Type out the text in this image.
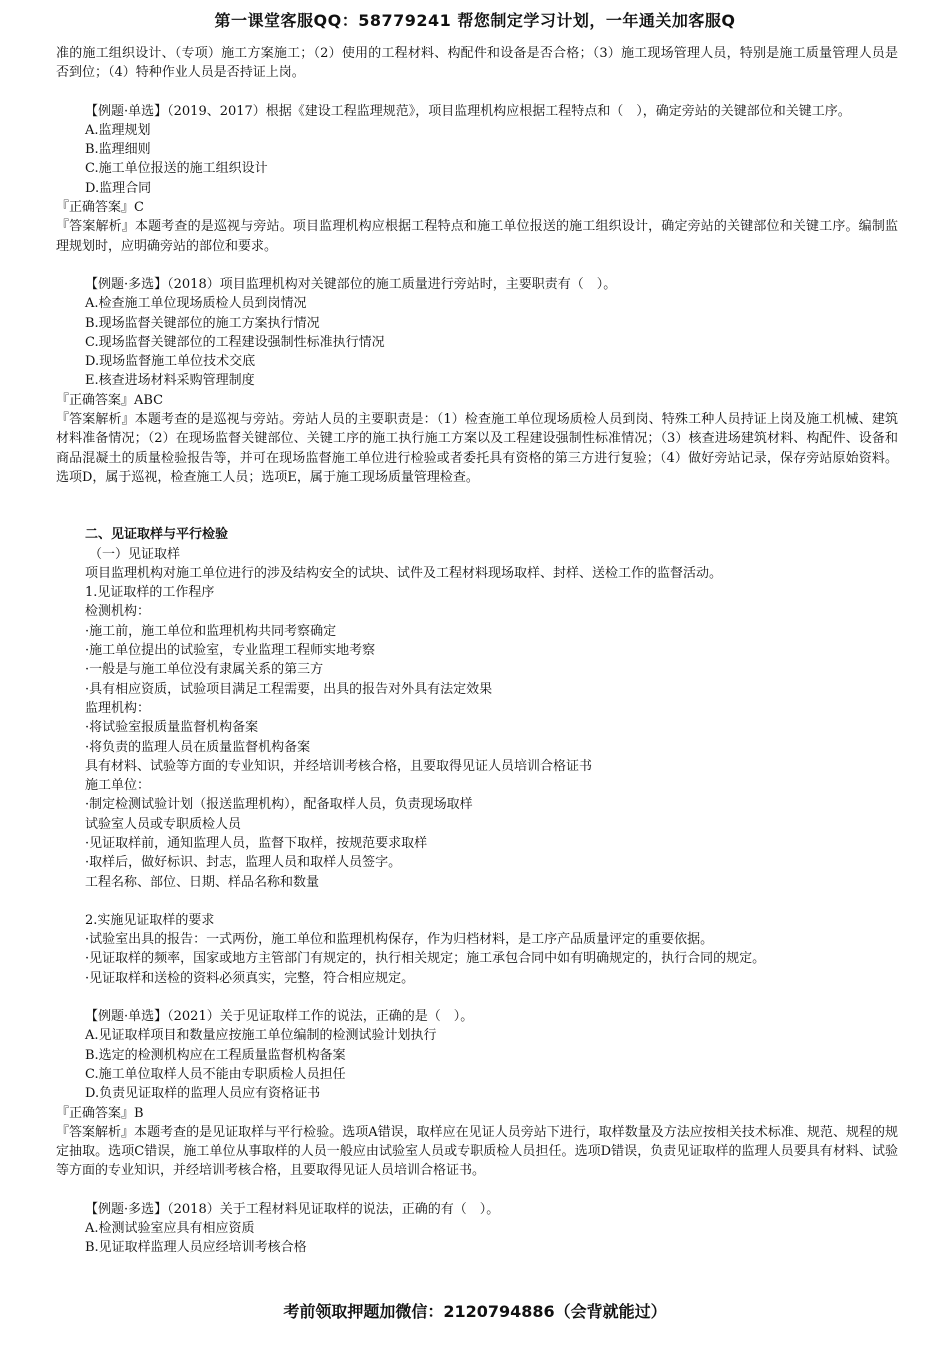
第一课堂客服QQ：58779241 帮您制定学习计划，一年通关加客服Q

准的施工组织设计、（专项）施工方案施工；（2）使用的工程材料、构配件和设备是否合格；（3）施工现场管理人员，特别是施工质量管理人员是否到位；（4）特种作业人员是否持证上岗。

【例题·单选】（2019、2017）根据《建设工程监理规范》，项目监理机构应根据工程特点和（　），确定旁站的关键部位和关键工序。

A.监理规划

B.监理细则

C.施工单位报送的施工组织设计

D.监理合同

『正确答案』C

『答案解析』本题考查的是巡视与旁站。项目监理机构应根据工程特点和施工单位报送的施工组织设计，确定旁站的关键部位和关键工序。编制监理规划时，应明确旁站的部位和要求。

【例题·多选】（2018）项目监理机构对关键部位的施工质量进行旁站时，主要职责有（　）。

A.检查施工单位现场质检人员到岗情况

B.现场监督关键部位的施工方案执行情况

C.现场监督关键部位的工程建设强制性标准执行情况

D.现场监督施工单位技术交底

E.核查进场材料采购管理制度

『正确答案』ABC

『答案解析』本题考查的是巡视与旁站。旁站人员的主要职责是：（1）检查施工单位现场质检人员到岗、特殊工种人员持证上岗及施工机械、建筑材料准备情况；（2）在现场监督关键部位、关键工序的施工执行施工方案以及工程建设强制性标准情况；（3）核查进场建筑材料、构配件、设备和商品混凝土的质量检验报告等，并可在现场监督施工单位进行检验或者委托具有资格的第三方进行复验；（4）做好旁站记录，保存旁站原始资料。选项D，属于巡视，检查施工人员；选项E，属于施工现场质量管理检查。

二、见证取样与平行检验

（一）见证取样

项目监理机构对施工单位进行的涉及结构安全的试块、试件及工程材料现场取样、封样、送检工作的监督活动。

1.见证取样的工作程序

检测机构：

·施工前，施工单位和监理机构共同考察确定

·施工单位提出的试验室，专业监理工程师实地考察

·一般是与施工单位没有隶属关系的第三方

·具有相应资质，试验项目满足工程需要，出具的报告对外具有法定效果

监理机构：

·将试验室报质量监督机构备案

·将负责的监理人员在质量监督机构备案

具有材料、试验等方面的专业知识，并经培训考核合格，且要取得见证人员培训合格证书

施工单位：

·制定检测试验计划（报送监理机构），配备取样人员，负责现场取样

试验室人员或专职质检人员

·见证取样前，通知监理人员，监督下取样，按规范要求取样

·取样后，做好标识、封志，监理人员和取样人员签字。

工程名称、部位、日期、样品名称和数量

2.实施见证取样的要求

·试验室出具的报告：一式两份，施工单位和监理机构保存，作为归档材料，是工序产品质量评定的重要依据。

·见证取样的频率，国家或地方主管部门有规定的，执行相关规定；施工承包合同中如有明确规定的，执行合同的规定。

·见证取样和送检的资料必须真实，完整，符合相应规定。

【例题·单选】（2021）关于见证取样工作的说法，正确的是（　）。

A.见证取样项目和数量应按施工单位编制的检测试验计划执行

B.选定的检测机构应在工程质量监督机构备案

C.施工单位取样人员不能由专职质检人员担任

D.负责见证取样的监理人员应有资格证书

『正确答案』B

『答案解析』本题考查的是见证取样与平行检验。选项A错误，取样应在见证人员旁站下进行，取样数量及方法应按相关技术标准、规范、规程的规定抽取。选项C错误，施工单位从事取样的人员一般应由试验室人员或专职质检人员担任。选项D错误，负责见证取样的监理人员要具有材料、试验等方面的专业知识，并经培训考核合格，且要取得见证人员培训合格证书。

【例题·多选】（2018）关于工程材料见证取样的说法，正确的有（　）。

A.检测试验室应具有相应资质

B.见证取样监理人员应经培训考核合格

考前领取押题加微信：2120794886（会背就能过）
